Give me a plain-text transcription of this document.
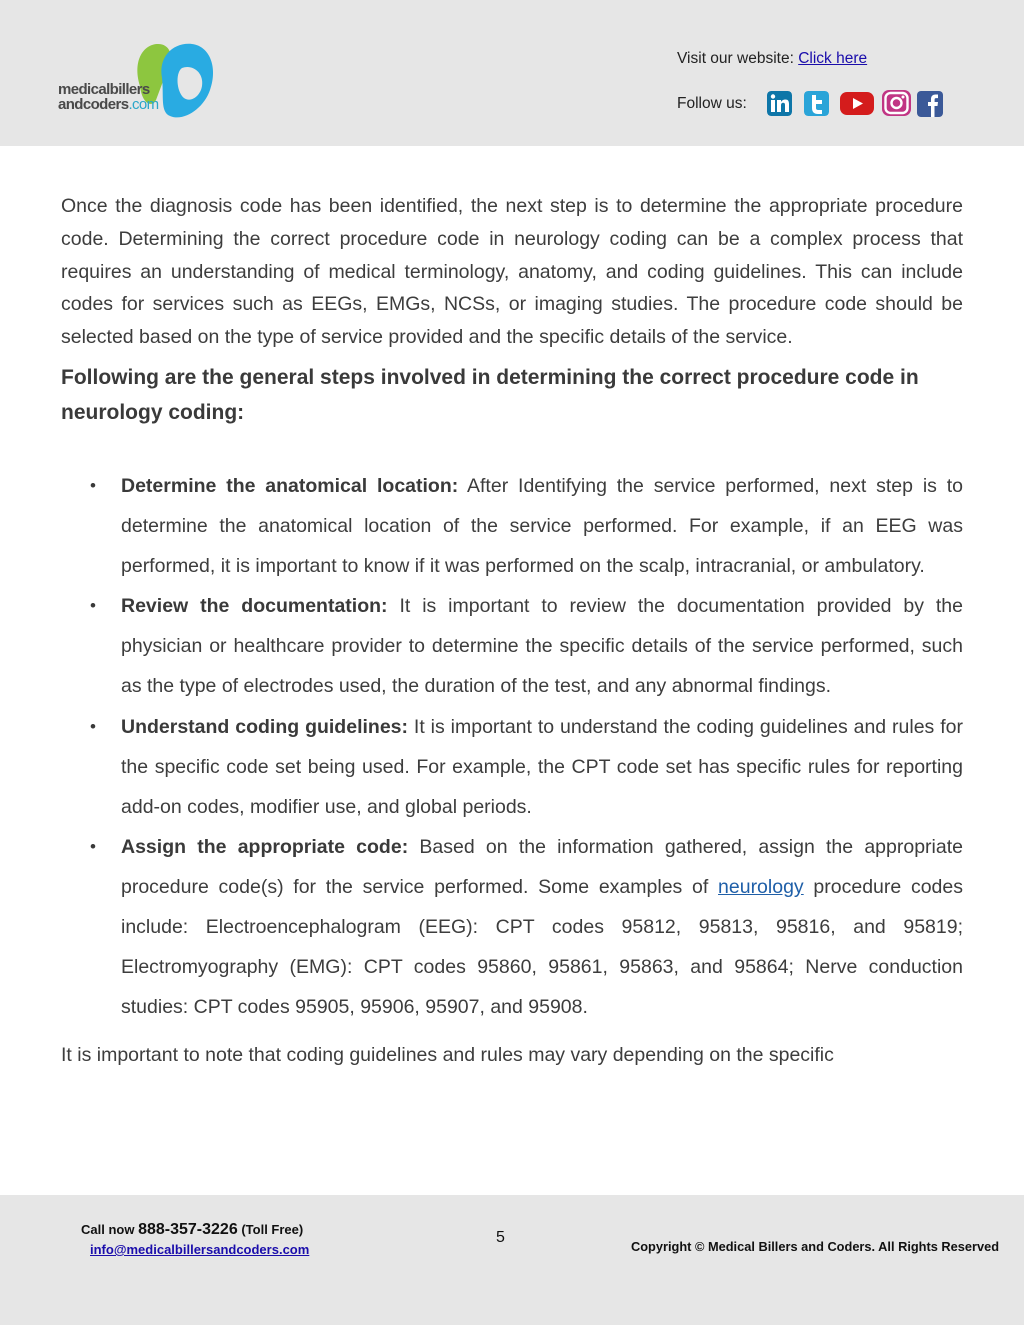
medicalbillers
andcoders.com
Visit our website: Click here
Follow us:

Once the diagnosis code has been identified, the next step is to determine the appropriate procedure code. Determining the correct procedure code in neurology coding can be a complex process that requires an understanding of medical terminology, anatomy, and coding guidelines. This can include codes for services such as EEGs, EMGs, NCSs, or imaging studies. The procedure code should be selected based on the type of service provided and the specific details of the service.

Following are the general steps involved in determining the correct procedure code in neurology coding:
• Determine the anatomical location: After Identifying the service performed, next step is to determine the anatomical location of the service performed. For example, if an EEG was performed, it is important to know if it was performed on the scalp, intracranial, or ambulatory.
• Review the documentation: It is important to review the documentation provided by the physician or healthcare provider to determine the specific details of the service performed, such as the type of electrodes used, the duration of the test, and any abnormal findings.
• Understand coding guidelines: It is important to understand the coding guidelines and rules for the specific code set being used. For example, the CPT code set has specific rules for reporting add-on codes, modifier use, and global periods.
• Assign the appropriate code: Based on the information gathered, assign the appropriate procedure code(s) for the service performed. Some examples of neurology procedure codes include: Electroencephalogram (EEG): CPT codes 95812, 95813, 95816, and 95819; Electromyography (EMG): CPT codes 95860, 95861, 95863, and 95864; Nerve conduction studies: CPT codes 95905, 95906, 95907, and 95908.

It is important to note that coding guidelines and rules may vary depending on the specific

Call now 888-357-3226 (Toll Free)
info@medicalbillersandcoders.com
5
Copyright © Medical Billers and Coders. All Rights Reserved
